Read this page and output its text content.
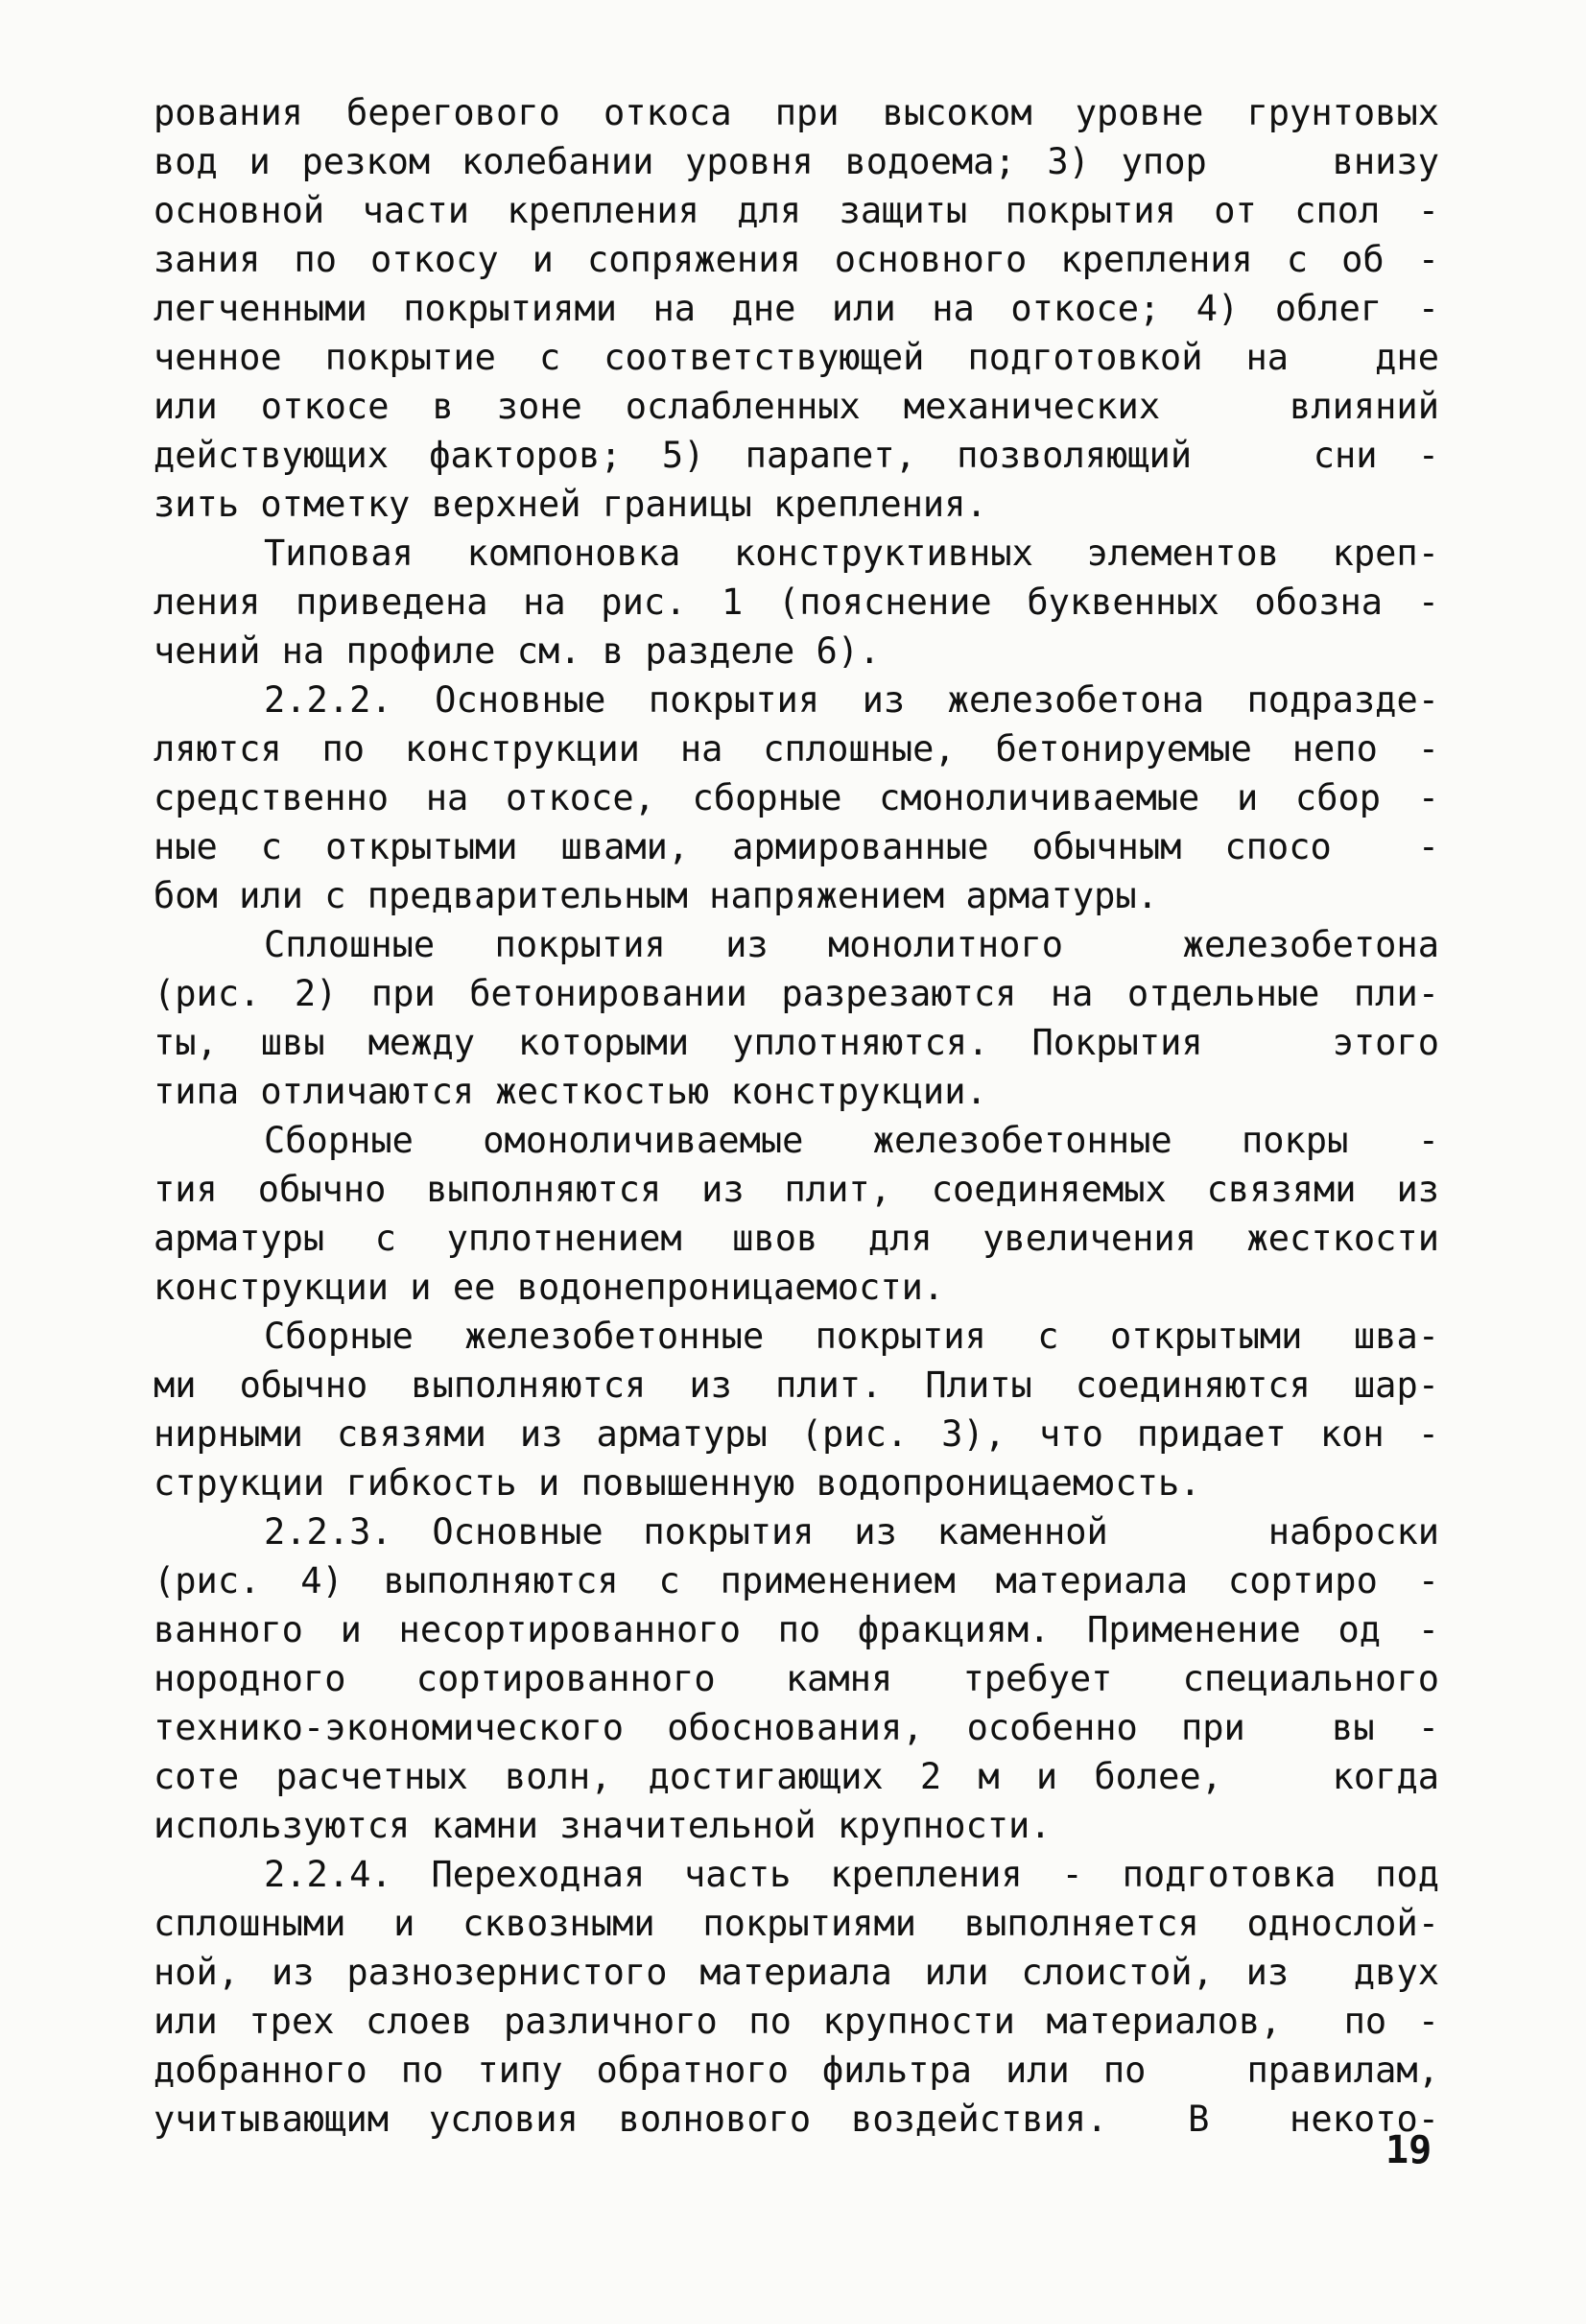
рования берегового откоса при высоком уровне грунтовых
вод и резком колебании уровня водоема; 3) упор    внизу
основной части крепления для защиты покрытия от спол -
зания по откосу и сопряжения основного крепления с об -
легченными покрытиями на дне или на откосе; 4) облег -
ченное покрытие с соответствующей подготовкой на  дне
или откосе в зоне ослабленных механических   влияний
действующих факторов; 5) парапет, позволяющий   сни -
зить отметку верхней границы крепления.
Типовая компоновка конструктивных элементов креп-
ления приведена на рис. 1 (пояснение буквенных обозна -
чений на профиле см. в разделе 6).
2.2.2. Основные покрытия из железобетона подразде-
ляются по конструкции на сплошные, бетонируемые непо -
средственно на откосе, сборные смоноличиваемые и сбор -
ные с открытыми швами, армированные обычным спосо  -
бом или с предварительным напряжением арматуры.
Сплошные покрытия из монолитного  железобетона
(рис. 2) при бетонировании разрезаются на отдельные пли-
ты, швы между которыми уплотняются. Покрытия   этого
типа отличаются жесткостью конструкции.
Сборные омоноличиваемые железобетонные покры -
тия обычно выполняются из плит, соединяемых связями из
арматуры с уплотнением швов для увеличения жесткости
конструкции и ее водонепроницаемости.
Сборные железобетонные покрытия с открытыми шва-
ми обычно выполняются из плит. Плиты соединяются шар-
нирными связями из арматуры (рис. 3), что придает кон -
струкции гибкость и повышенную водопроницаемость.
2.2.3. Основные покрытия из каменной    наброски
(рис. 4) выполняются с применением материала сортиро -
ванного и несортированного по фракциям. Применение од -
нородного сортированного камня требует специального
технико-экономического обоснования, особенно при  вы -
соте расчетных волн, достигающих 2 м и более,   когда
используются камни значительной крупности.
2.2.4. Переходная часть крепления - подготовка под
сплошными и сквозными покрытиями выполняется однослой-
ной, из разнозернистого материала или слоистой, из  двух
или трех слоев различного по крупности материалов,  по -
добранного по типу обратного фильтра или по   правилам,
учитывающим условия волнового воздействия.  В  некото-
19
